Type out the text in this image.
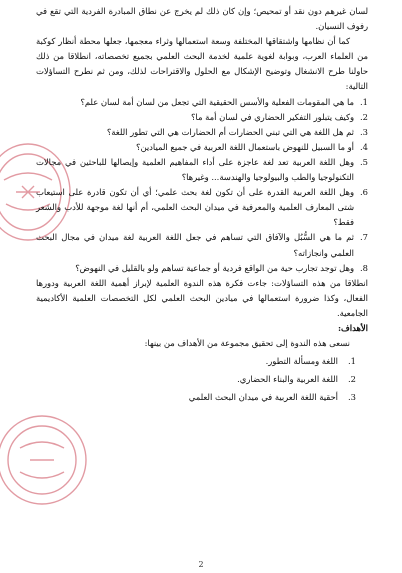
لسان غيرهم دون نقد أو تمحيص؛ وإن كان ذلك لم يخرج عن نطاق المبادرة الفردية التي تقع في رفوف النسيان.

كما أن نظامها واشتقاقها المختلفة وسعة استعمالها وثراء معجمها، جعلها محطة أنظار كوكبة من العلماء العرب، وبوابة لغوية علمية لخدمة البحث العلمي بجميع تخصصاته، انطلاقا من ذلك حاولنا طرح الانشغال وتوضيح الإشكال مع الحلول والاقتراحات لذلك، ومن ثم نطرح التساؤلات التالية:

1.
ما هي المقومات الفعلية والأسس الحقيقية التي تجعل من لسان أمة لسان علم؟
2.
وكيف يتبلور التفكير الحضاري في لسان أمة ما؟
3.
ثم هل اللغة هي التي تبني الحضارات أم الحضارات هي التي تطور اللغة؟
4.
أو ما السبيل للنهوض باستعمال اللغة العربية في جميع الميادين؟
5.
وهل اللغة العربية تعد لغة عاجزة على أداء المفاهيم العلمية وإيصالها للباحثين في مجالات التكنولوجيا والطب والبيولوجيا والهندسة... وغيرها؟
6.
وهل اللغة العربية القدرة على أن تكون لغة بحث علمي؛ أي أن تكون قادرة على استيعاب شتى المعارف العلمية والمعرفية في ميدان البحث العلمي، أم أنها لغة موجهة للأدب والشعر فقط؟
7.
ثم ما هي السُّبُل والآفاق التي تساهم في جعل اللغة العربية لغة ميدان في مجال البحث العلمي وانجازاته؟
8.
وهل توجد تجارب حية من الواقع فردية أو جماعية تساهم ولو بالقليل في النهوض؟

انطلاقا من هذه التساؤلات: جاءت فكرة هذه الندوة العلمية لإبراز أهمية اللغة العربية ودورها الفعال، وكذا ضرورة استعمالها في ميادين البحث العلمي لكل التخصصات العلمية الأكاديمية الجامعية.

الأهداف:

نسعى هذه الندوة إلى تحقيق مجموعة من الأهداف من بينها:

1.
اللغة ومسألة التطور.
2.
اللغة العربية والبناء الحضاري.
3.
أحقية اللغة العربية في ميدان البحث العلمي
2
